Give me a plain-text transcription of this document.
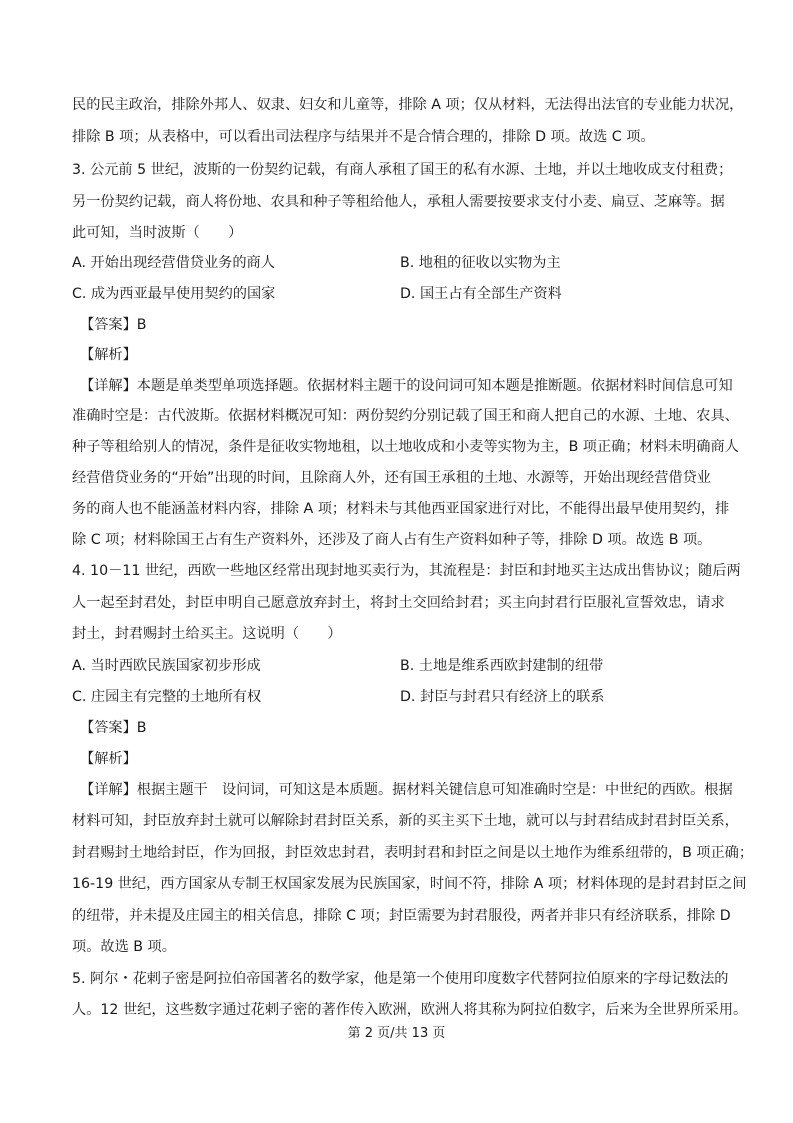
民的民主政治，排除外邦人、奴隶、妇女和儿童等，排除 A 项；仅从材料，无法得出法官的专业能力状况，
排除 B 项；从表格中，可以看出司法程序与结果并不是合情合理的，排除 D 项。故选 C 项。
3. 公元前 5 世纪，波斯的一份契约记载，有商人承租了国王的私有水源、土地，并以土地收成支付租费；
另一份契约记载，商人将份地、农具和种子等租给他人，承租人需要按要求支付小麦、扁豆、芝麻等。据
此可知，当时波斯（　　）
A. 开始出现经营借贷业务的商人	B. 地租的征收以实物为主
C. 成为西亚最早使用契约的国家	D. 国王占有全部生产资料
【答案】B
【解析】
【详解】本题是单类型单项选择题。依据材料主题干的设问词可知本题是推断题。依据材料时间信息可知
准确时空是：古代波斯。依据材料概况可知：两份契约分别记载了国王和商人把自己的水源、土地、农具、
种子等租给别人的情况，条件是征收实物地租，以土地收成和小麦等实物为主，B 项正确；材料未明确商人
经营借贷业务的“开始”出现的时间，且除商人外，还有国王承租的土地、水源等，开始出现经营借贷业
务的商人也不能涵盖材料内容，排除 A 项；材料未与其他西亚国家进行对比，不能得出最早使用契约，排
除 C 项；材料除国王占有生产资料外，还涉及了商人占有生产资料如种子等，排除 D 项。故选 B 项。
4. 10－11 世纪，西欧一些地区经常出现封地买卖行为，其流程是：封臣和封地买主达成出售协议；随后两
人一起至封君处，封臣申明自己愿意放弃封土，将封土交回给封君；买主向封君行臣服礼宣誓效忠，请求
封土，封君赐封土给买主。这说明（　　）
A. 当时西欧民族国家初步形成	B. 土地是维系西欧封建制的纽带
C. 庄园主有完整的土地所有权	D. 封臣与封君只有经济上的联系
【答案】B
【解析】
【详解】根据主题干　设问词，可知这是本质题。据材料关键信息可知准确时空是：中世纪的西欧。根据
材料可知，封臣放弃封土就可以解除封君封臣关系，新的买主买下土地，就可以与封君结成封君封臣关系，
封君赐封土地给封臣，作为回报，封臣效忠封君，表明封君和封臣之间是以土地作为维系纽带的，B 项正确；
16-19 世纪，西方国家从专制王权国家发展为民族国家，时间不符，排除 A 项；材料体现的是封君封臣之间
的纽带，并未提及庄园主的相关信息，排除 C 项；封臣需要为封君服役，两者并非只有经济联系，排除 D
项。故选 B 项。
5. 阿尔・花剌子密是阿拉伯帝国著名的数学家，他是第一个使用印度数字代替阿拉伯原来的字母记数法的
人。12 世纪，这些数字通过花剌子密的著作传入欧洲，欧洲人将其称为阿拉伯数字，后来为全世界所采用。
第 2 页/共 13 页
